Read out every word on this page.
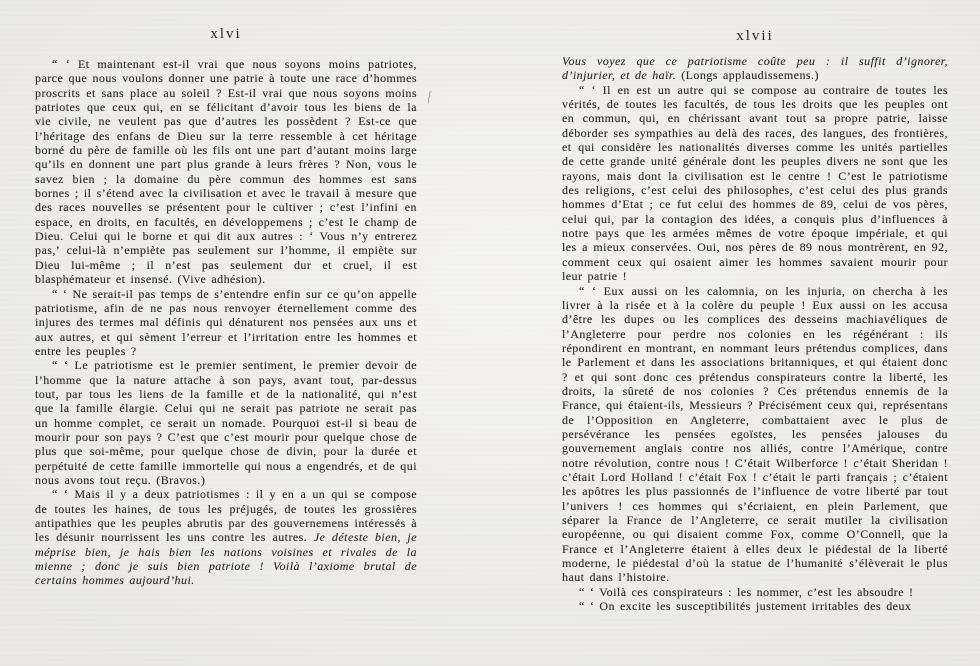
xlvi

“ ‘ Et maintenant est-il vrai que nous soyons moins patriotes, parce que nous voulons donner une patrie à toute une race d’hommes proscrits et sans place au soleil ? Est-il vrai que nous soyons moins patriotes que ceux qui, en se félicitant d’avoir tous les biens de la vie civile, ne veulent pas que d’autres les possèdent ? Est-ce que l’héritage des enfans de Dieu sur la terre ressemble à cet héritage borné du père de famille où les fils ont une part d’autant moins large qu’ils en donnent une part plus grande à leurs frères ? Non, vous le savez bien ; la domaine du père commun des hommes est sans bornes ; il s’étend avec la civilisation et avec le travail à mesure que des races nouvelles se présentent pour le cultiver ; c’est l’infini en espace, en droits, en facultés, en développemens ; c’est le champ de Dieu. Celui qui le borne et qui dit aux autres : ‘ Vous n’y entrerez pas,’ celui-là n’empiète pas seulement sur l’homme, il empiète sur Dieu lui-même ; il n’est pas seulement dur et cruel, il est blasphémateur et insensé. (Vive adhésion).

“ ‘ Ne serait-il pas temps de s’entendre enfin sur ce qu’on appelle patriotisme, afin de ne pas nous renvoyer éternellement comme des injures des termes mal définis qui dénaturent nos pensées aux uns et aux autres, et qui sèment l’erreur et l’irritation entre les hommes et entre les peuples ?

“ ‘ Le patriotisme est le premier sentiment, le premier devoir de l’homme que la nature attache à son pays, avant tout, par-dessus tout, par tous les liens de la famille et de la nationalité, qui n’est que la famille élargie. Celui qui ne serait pas patriote ne serait pas un homme complet, ce serait un nomade. Pourquoi est-il si beau de mourir pour son pays ? C’est que c’est mourir pour quelque chose de plus que soi-même, pour quelque chose de divin, pour la durée et perpétuité de cette famille immortelle qui nous a engendrés, et de qui nous avons tout reçu. (Bravos.)

“ ‘ Mais il y a deux patriotismes : il y en a un qui se compose de toutes les haines, de tous les préjugés, de toutes les grossières antipathies que les peuples abrutis par des gouvernemens intéressés à les désunir nourrissent les uns contre les autres. Je déteste bien, je méprise bien, je hais bien les nations voisines et rivales de la mienne ; donc je suis bien patriote ! Voilà l’axiome brutal de certains hommes aujourd’hui.

xlvii

Vous voyez que ce patriotisme coûte peu : il suffit d’ignorer, d’injurier, et de haïr. (Longs applaudissemens.)

“ ‘ Il en est un autre qui se compose au contraire de toutes les vérités, de toutes les facultés, de tous les droits que les peuples ont en commun, qui, en chérissant avant tout sa propre patrie, laisse déborder ses sympathies au delà des races, des langues, des frontières, et qui considère les nationalités diverses comme les unités partielles de cette grande unité générale dont les peuples divers ne sont que les rayons, mais dont la civilisation est le centre ! C’est le patriotisme des religions, c’est celui des philosophes, c’est celui des plus grands hommes d’Etat ; ce fut celui des hommes de 89, celui de vos pères, celui qui, par la contagion des idées, a conquis plus d’influences à notre pays que les armées mêmes de votre époque impériale, et qui les a mieux conservées. Oui, nos pères de 89 nous montrèrent, en 92, comment ceux qui osaient aimer les hommes savaient mourir pour leur patrie !

“ ‘ Eux aussi on les calomnia, on les injuria, on chercha à les livrer à la risée et à la colère du peuple ! Eux aussi on les accusa d’être les dupes ou les complices des desseins machiavéliques de l’Angleterre pour perdre nos colonies en les régénérant : ils répondirent en montrant, en nommant leurs prétendus complices, dans le Parlement et dans les associations britanniques, et qui étaient donc ? et qui sont donc ces prétendus conspirateurs contre la liberté, les droits, la sûreté de nos colonies ? Ces prétendus ennemis de la France, qui étaient-ils, Messieurs ? Précisément ceux qui, représentans de l’Opposition en Angleterre, combattaient avec le plus de persévérance les pensées egoïstes, les pensées jalouses du gouvernement anglais contre nos alliés, contre l’Amérique, contre notre révolution, contre nous ! C’était Wilberforce ! c’était Sheridan ! c’était Lord Holland ! c’était Fox ! c’était le parti français ; c’étaient les apôtres les plus passionnés de l’influence de votre liberté par tout l’univers ! ces hommes qui s’écriaient, en plein Parlement, que séparer la France de l’Angleterre, ce serait mutiler la civilisation européenne, ou qui disaient comme Fox, comme O’Connell, que la France et l’Angleterre étaient à elles deux le piédestal de la liberté moderne, le piédestal d’où la statue de l’humanité s’élèverait le plus haut dans l’histoire.

“ ‘ Voilà ces conspirateurs : les nommer, c’est les absoudre !

“ ‘ On excite les susceptibilités justement irritables des deux
